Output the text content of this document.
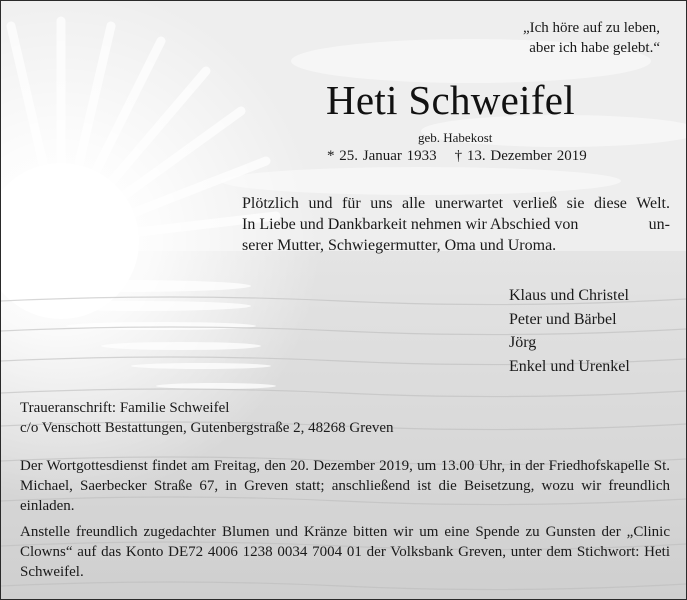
„Ich höre auf zu leben,
aber ich habe gelebt.“
Heti Schweifel
geb. Habekost
* 25. Januar 1933 † 13. Dezember 2019
Plötzlich und für uns alle unerwartet verließ sie diese Welt.
In Liebe und Dankbarkeit nehmen wir Abschied von	un-
serer Mutter, Schwiegermutter, Oma und Uroma.
Klaus und Christel
Peter und Bärbel
Jörg
Enkel und Urenkel
Traueranschrift: Familie Schweifel
c/o Venschott Bestattungen, Gutenbergstraße 2, 48268 Greven
Der Wortgottesdienst findet am Freitag, den 20. Dezember 2019, um 13.00 Uhr, in der Friedhofskapelle St. Michael, Saerbecker Straße 67, in Greven statt; anschließend ist die Beisetzung, wozu wir freundlich einladen.
Anstelle freundlich zugedachter Blumen und Kränze bitten wir um eine Spende zu Gunsten der „Clinic Clowns“ auf das Konto DE72 4006 1238 0034 7004 01 der Volksbank Greven, unter dem Stichwort: Heti Schweifel.
